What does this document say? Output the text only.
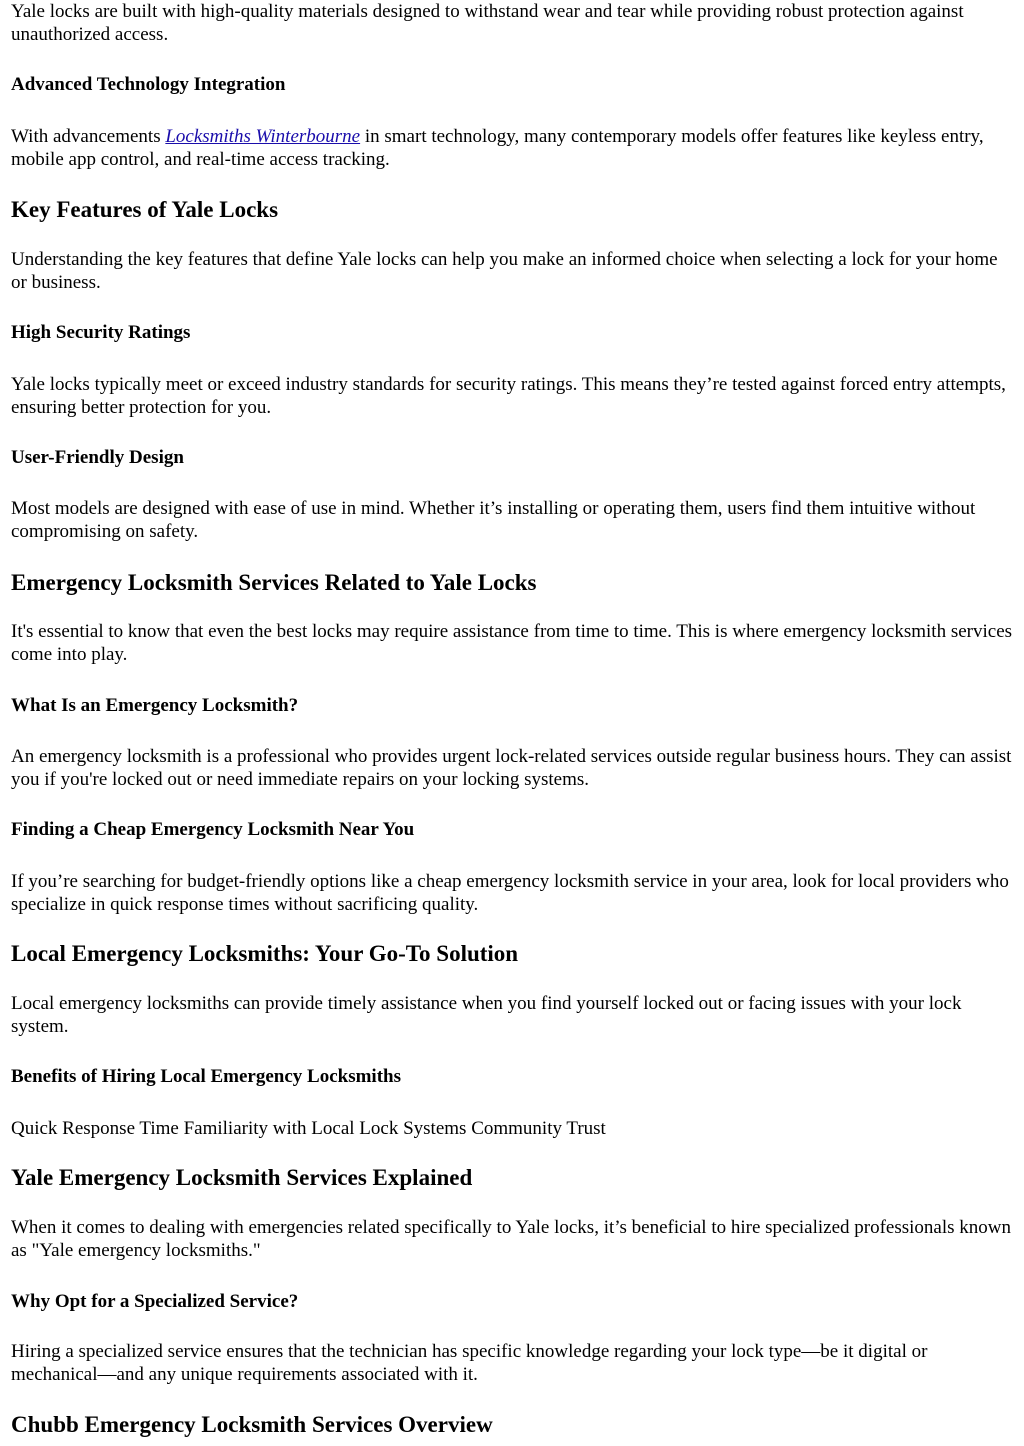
Yale locks are built with high-quality materials designed to withstand wear and tear while providing robust protection against unauthorized access.

Advanced Technology Integration

With advancements Locksmiths Winterbourne in smart technology, many contemporary models offer features like keyless entry, mobile app control, and real-time access tracking.

Key Features of Yale Locks

Understanding the key features that define Yale locks can help you make an informed choice when selecting a lock for your home or business.

High Security Ratings

Yale locks typically meet or exceed industry standards for security ratings. This means they’re tested against forced entry attempts, ensuring better protection for you.

User-Friendly Design

Most models are designed with ease of use in mind. Whether it’s installing or operating them, users find them intuitive without compromising on safety.

Emergency Locksmith Services Related to Yale Locks

It's essential to know that even the best locks may require assistance from time to time. This is where emergency locksmith services come into play.

What Is an Emergency Locksmith?

An emergency locksmith is a professional who provides urgent lock-related services outside regular business hours. They can assist you if you're locked out or need immediate repairs on your locking systems.

Finding a Cheap Emergency Locksmith Near You

If you’re searching for budget-friendly options like a cheap emergency locksmith service in your area, look for local providers who specialize in quick response times without sacrificing quality.

Local Emergency Locksmiths: Your Go-To Solution

Local emergency locksmiths can provide timely assistance when you find yourself locked out or facing issues with your lock system.

Benefits of Hiring Local Emergency Locksmiths

Quick Response Time Familiarity with Local Lock Systems Community Trust

Yale Emergency Locksmith Services Explained

When it comes to dealing with emergencies related specifically to Yale locks, it’s beneficial to hire specialized professionals known as "Yale emergency locksmiths."

Why Opt for a Specialized Service?

Hiring a specialized service ensures that the technician has specific knowledge regarding your lock type—be it digital or mechanical—and any unique requirements associated with it.

Chubb Emergency Locksmith Services Overview
